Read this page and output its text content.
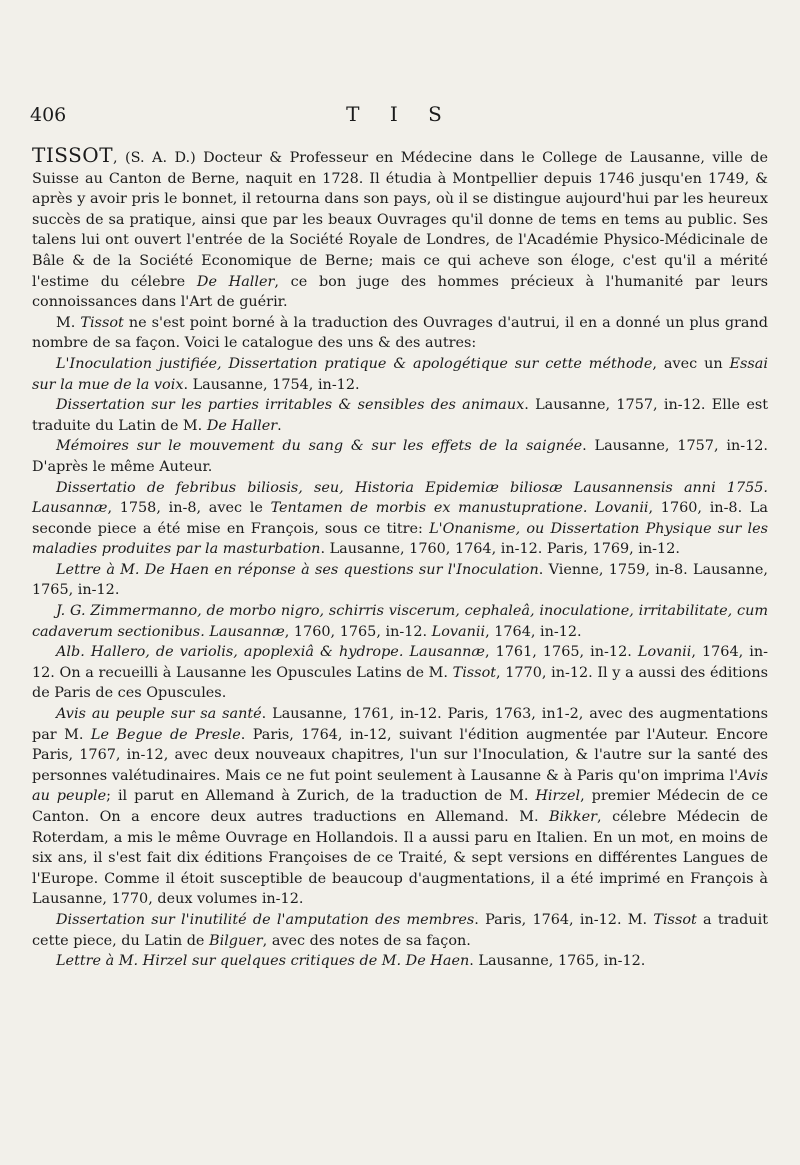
406	T I S

TISSOT, (S. A. D.) Docteur & Professeur en Médecine dans le College de Lausanne, ville de Suisse au Canton de Berne, naquit en 1728. Il étudia à Montpellier depuis 1746 jusqu'en 1749, & après y avoir pris le bonnet, il retourna dans son pays, où il se distingue aujourd'hui par les heureux succès de sa pratique, ainsi que par les beaux Ouvrages qu'il donne de tems en tems au public. Ses talens lui ont ouvert l'entrée de la Société Royale de Londres, de l'Académie Physico-Médicinale de Bâle & de la Société Economique de Berne; mais ce qui acheve son éloge, c'est qu'il a mérité l'estime du célebre De Haller, ce bon juge des hommes précieux à l'humanité par leurs connoissances dans l'Art de guérir.

M. Tissot ne s'est point borné à la traduction des Ouvrages d'autrui, il en a donné un plus grand nombre de sa façon. Voici le catalogue des uns & des autres:

L'Inoculation justifiée, Dissertation pratique & apologétique sur cette méthode, avec un Essai sur la mue de la voix. Lausanne, 1754, in-12.

Dissertation sur les parties irritables & sensibles des animaux. Lausanne, 1757, in-12. Elle est traduite du Latin de M. De Haller.

Mémoires sur le mouvement du sang & sur les effets de la saignée. Lausanne, 1757, in-12. D'après le même Auteur.

Dissertatio de febribus biliosis, seu, Historia Epidemiæ biliosæ Lausannensis anni 1755. Lausannæ, 1758, in-8, avec le Tentamen de morbis ex manustupratione. Lovanii, 1760, in-8. La seconde piece a été mise en François, sous ce titre: L'Onanisme, ou Dissertation Physique sur les maladies produites par la masturbation. Lausanne, 1760, 1764, in-12. Paris, 1769, in-12.

Lettre à M. De Haen en réponse à ses questions sur l'Inoculation. Vienne, 1759, in-8. Lausanne, 1765, in-12.

J. G. Zimmermanno, de morbo nigro, schirris viscerum, cephaleâ, inoculatione, irritabilitate, cum cadaverum sectionibus. Lausannæ, 1760, 1765, in-12. Lovanii, 1764, in-12.

Alb. Hallero, de variolis, apoplexiâ & hydrope. Lausannæ, 1761, 1765, in-12. Lovanii, 1764, in-12. On a recueilli à Lausanne les Opuscules Latins de M. Tissot, 1770, in-12. Il y a aussi des éditions de Paris de ces Opuscules.

Avis au peuple sur sa santé. Lausanne, 1761, in-12. Paris, 1763, in1-2, avec des augmentations par M. Le Begue de Presle. Paris, 1764, in-12, suivant l'édition augmentée par l'Auteur. Encore Paris, 1767, in-12, avec deux nouveaux chapitres, l'un sur l'Inoculation, & l'autre sur la santé des personnes valétudinaires. Mais ce ne fut point seulement à Lausanne & à Paris qu'on imprima l'Avis au peuple; il parut en Allemand à Zurich, de la traduction de M. Hirzel, premier Médecin de ce Canton. On a encore deux autres traductions en Allemand. M. Bikker, célebre Médecin de Roterdam, a mis le même Ouvrage en Hollandois. Il a aussi paru en Italien. En un mot, en moins de six ans, il s'est fait dix éditions Françoises de ce Traité, & sept versions en différentes Langues de l'Europe. Comme il étoit susceptible de beaucoup d'augmentations, il a été imprimé en François à Lausanne, 1770, deux volumes in-12.

Dissertation sur l'inutilité de l'amputation des membres. Paris, 1764, in-12. M. Tissot a traduit cette piece, du Latin de Bilguer, avec des notes de sa façon.

Lettre à M. Hirzel sur quelques critiques de M. De Haen. Lausanne, 1765, in-12.
